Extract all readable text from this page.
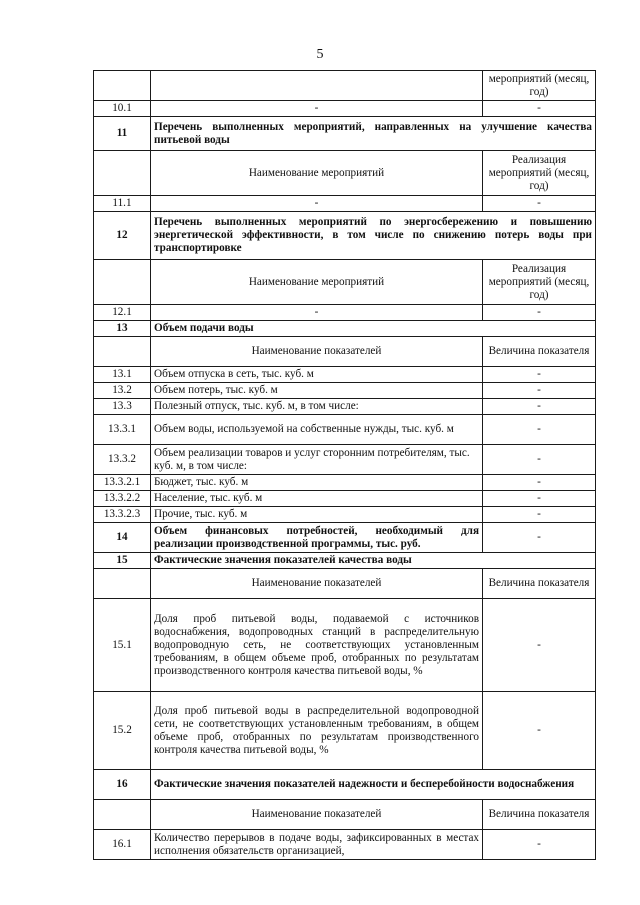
5
		мероприятий (месяц, год)
10.1	-	-
11	Перечень выполненных мероприятий, направленных на улучшение качества питьевой воды	
	Наименование мероприятий	Реализация мероприятий (месяц, год)
11.1	-	-
12	Перечень выполненных мероприятий по энергосбережению и повышению энергетической эффективности, в том числе по снижению потерь воды при транспортировке	
	Наименование мероприятий	Реализация мероприятий (месяц, год)
12.1	-	-
13	Объем подачи воды	
	Наименование показателей	Величина показателя
13.1	Объем отпуска в сеть, тыс. куб. м	-
13.2	Объем потерь, тыс. куб. м	-
13.3	Полезный отпуск, тыс. куб. м, в том числе:	-
13.3.1	Объем воды, используемой на собственные нужды, тыс. куб. м	-
13.3.2	Объем реализации товаров и услуг сторонним потребителям, тыс. куб. м, в том числе:	-
13.3.2.1	Бюджет, тыс. куб. м	-
13.3.2.2	Население, тыс. куб. м	-
13.3.2.3	Прочие, тыс. куб. м	-
14	Объем финансовых потребностей, необходимый для реализации производственной программы, тыс. руб.	-
15	Фактические значения показателей качества воды	
	Наименование показателей	Величина показателя
15.1	Доля проб питьевой воды, подаваемой с источников водоснабжения, водопроводных станций в распределительную водопроводную сеть, не соответствующих установленным требованиям, в общем объеме проб, отобранных по результатам производственного контроля качества питьевой воды, %	-
15.2	Доля проб питьевой воды в распределительной водопроводной сети, не соответствующих установленным требованиям, в общем объеме проб, отобранных по результатам производственного контроля качества питьевой воды, %	-
16	Фактические значения показателей надежности и бесперебойности водоснабжения	
	Наименование показателей	Величина показателя
16.1	Количество перерывов в подаче воды, зафиксированных в местах исполнения обязательств организацией,	-
